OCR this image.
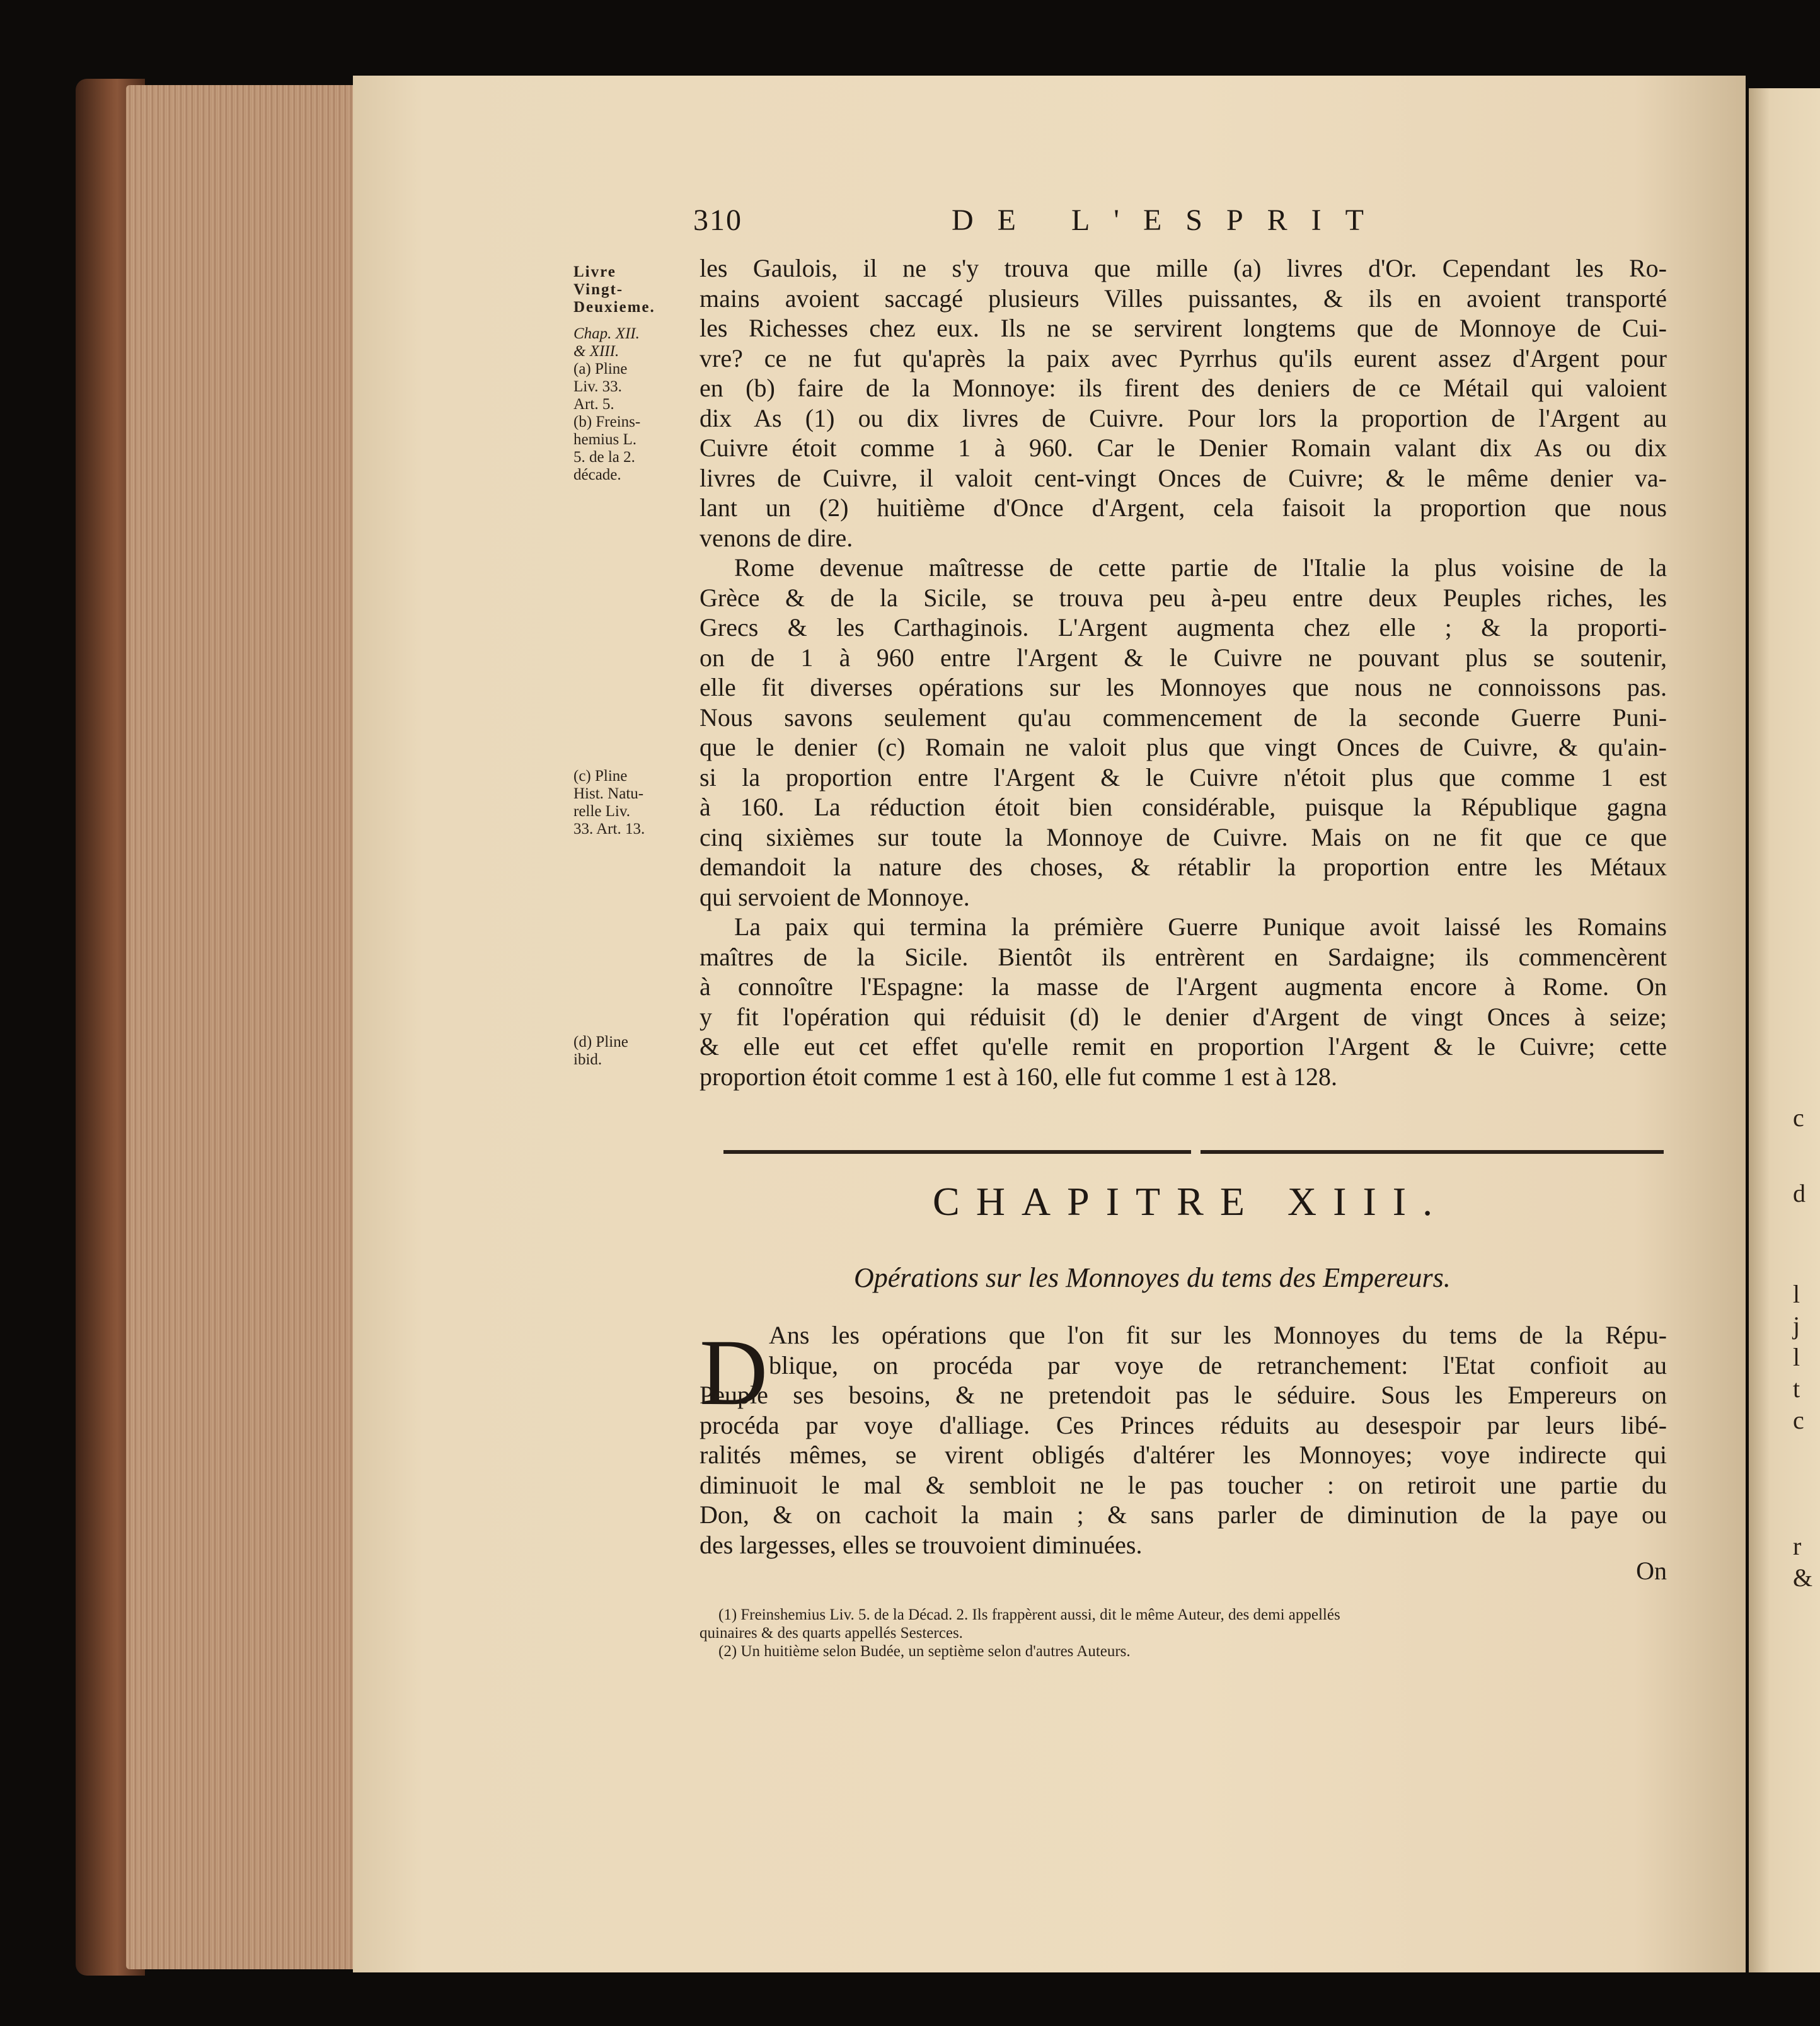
c
d
l
j
l
t
c
r
&
310	DE L'ESPRIT
Livre
Vingt-
Deuxieme.
Chap. XII.
& XIII.
(a) Pline
Liv. 33.
Art. 5.
(b) Freins-
hemius L.
5. de la 2.
décade.
(c) Pline
Hist. Natu-
relle Liv.
33. Art. 13.
(d) Pline
ibid.
les Gaulois, il ne s'y trouva que mille (a) livres d'Or. Cependant les Ro-
mains avoient saccagé plusieurs Villes puissantes, & ils en avoient transporté
les Richesses chez eux. Ils ne se servirent longtems que de Monnoye de Cui-
vre? ce ne fut qu'après la paix avec Pyrrhus qu'ils eurent assez d'Argent pour
en (b) faire de la Monnoye: ils firent des deniers de ce Métail qui valoient
dix As (1) ou dix livres de Cuivre. Pour lors la proportion de l'Argent au
Cuivre étoit comme 1 à 960. Car le Denier Romain valant dix As ou dix
livres de Cuivre, il valoit cent-vingt Onces de Cuivre; & le même denier va-
lant un (2) huitième d'Once d'Argent, cela faisoit la proportion que nous
venons de dire.
Rome devenue maîtresse de cette partie de l'Italie la plus voisine de la
Grèce & de la Sicile, se trouva peu à-peu entre deux Peuples riches, les
Grecs & les Carthaginois. L'Argent augmenta chez elle ; & la proporti-
on de 1 à 960 entre l'Argent & le Cuivre ne pouvant plus se soutenir,
elle fit diverses opérations sur les Monnoyes que nous ne connoissons pas.
Nous savons seulement qu'au commencement de la seconde Guerre Puni-
que le denier (c) Romain ne valoit plus que vingt Onces de Cuivre, & qu'ain-
si la proportion entre l'Argent & le Cuivre n'étoit plus que comme 1 est
à 160. La réduction étoit bien considérable, puisque la République gagna
cinq sixièmes sur toute la Monnoye de Cuivre. Mais on ne fit que ce que
demandoit la nature des choses, & rétablir la proportion entre les Métaux
qui servoient de Monnoye.
La paix qui termina la prémière Guerre Punique avoit laissé les Romains
maîtres de la Sicile. Bientôt ils entrèrent en Sardaigne; ils commencèrent
à connoître l'Espagne: la masse de l'Argent augmenta encore à Rome. On
y fit l'opération qui réduisit (d) le denier d'Argent de vingt Onces à seize;
& elle eut cet effet qu'elle remit en proportion l'Argent & le Cuivre; cette
proportion étoit comme 1 est à 160, elle fut comme 1 est à 128.
CHAPITRE XIII.
Opérations sur les Monnoyes du tems des Empereurs.
D Ans les opérations que l'on fit sur les Monnoyes du tems de la Répu-
blique, on procéda par voye de retranchement: l'Etat confioit au
Peuple ses besoins, & ne pretendoit pas le séduire. Sous les Empereurs on
procéda par voye d'alliage. Ces Princes réduits au desespoir par leurs libé-
ralités mêmes, se virent obligés d'altérer les Monnoyes; voye indirecte qui
diminuoit le mal & sembloit ne le pas toucher : on retiroit une partie du
Don, & on cachoit la main ; & sans parler de diminution de la paye ou
des largesses, elles se trouvoient diminuées.
On
(1) Freinshemius Liv. 5. de la Décad. 2. Ils frappèrent aussi, dit le même Auteur, des demi appellés
quinaires & des quarts appellés Sesterces.
(2) Un huitième selon Budée, un septième selon d'autres Auteurs.
